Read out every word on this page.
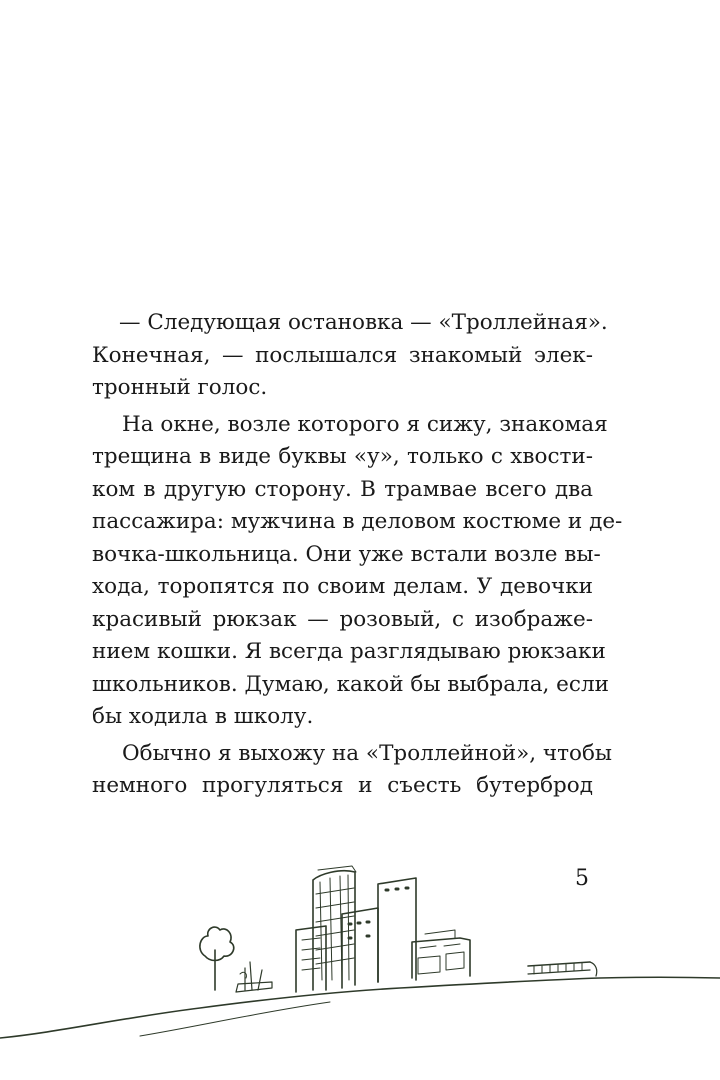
— Следующая остановка — «Троллейная».
Конечная, — послышался знакомый элек-
тронный голос.

На окне, возле которого я сижу, знакомая
трещина в виде буквы «у», только с хвости-
ком в другую сторону. В трамвае всего два
пассажира: мужчина в деловом костюме и де-
вочка-школьница. Они уже встали возле вы-
хода, торопятся по своим делам. У девочки
красивый рюкзак — розовый, с изображе-
нием кошки. Я всегда разглядываю рюкзаки
школьников. Думаю, какой бы выбрала, если
бы ходила в школу.

Обычно я выхожу на «Троллейной», чтобы
немного прогуляться и съесть бутерброд

5
